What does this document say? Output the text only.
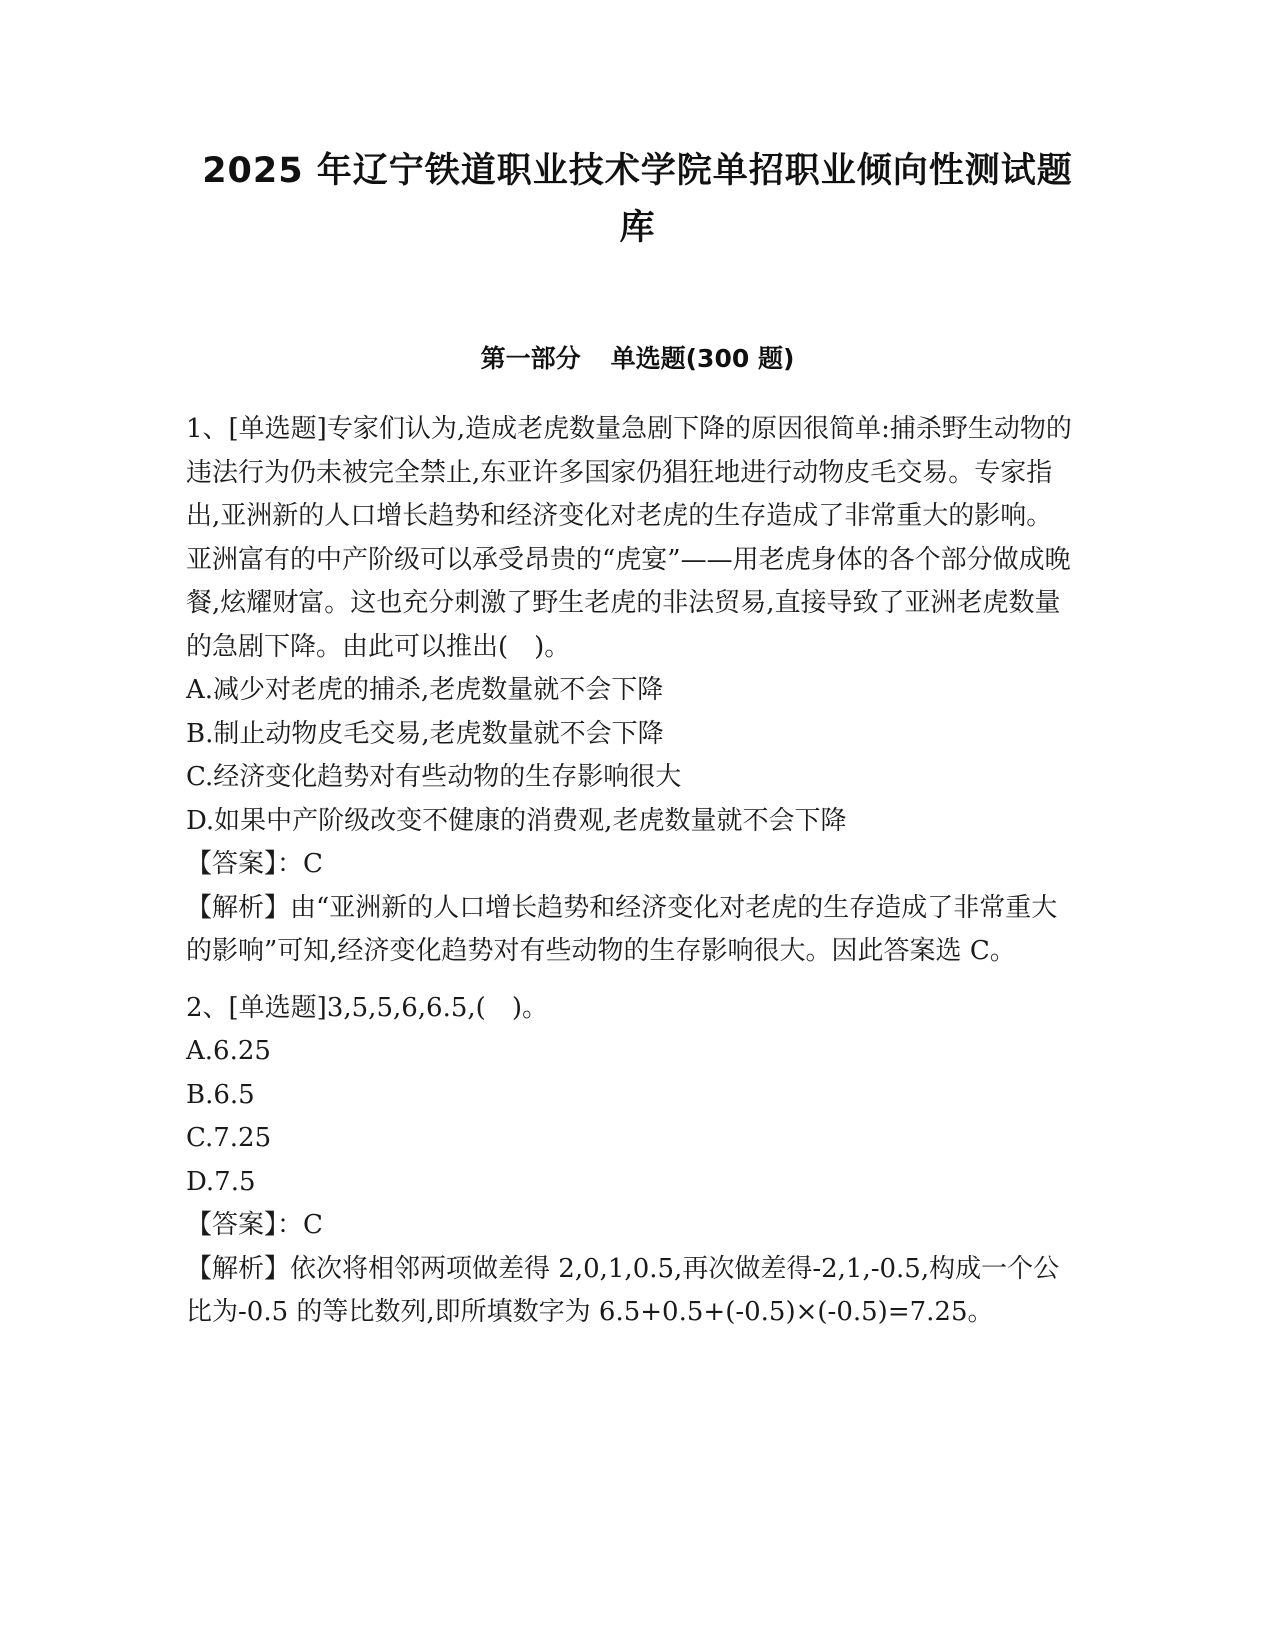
2025 年辽宁铁道职业技术学院单招职业倾向性测试题库
第一部分 单选题(300 题)

1、[单选题]专家们认为,造成老虎数量急剧下降的原因很简单:捕杀野生动物的违法行为仍未被完全禁止,东亚许多国家仍猖狂地进行动物皮毛交易。专家指出,亚洲新的人口增长趋势和经济变化对老虎的生存造成了非常重大的影响。亚洲富有的中产阶级可以承受昂贵的“虎宴”——用老虎身体的各个部分做成晚餐,炫耀财富。这也充分刺激了野生老虎的非法贸易,直接导致了亚洲老虎数量的急剧下降。由此可以推出(　)。

A.减少对老虎的捕杀,老虎数量就不会下降

B.制止动物皮毛交易,老虎数量就不会下降

C.经济变化趋势对有些动物的生存影响很大

D.如果中产阶级改变不健康的消费观,老虎数量就不会下降

【答案】：C

【解析】由“亚洲新的人口增长趋势和经济变化对老虎的生存造成了非常重大的影响”可知,经济变化趋势对有些动物的生存影响很大。因此答案选 C。

2、[单选题]3,5,5,6,6.5,(　)。

A.6.25

B.6.5

C.7.25

D.7.5

【答案】：C

【解析】依次将相邻两项做差得 2,0,1,0.5,再次做差得-2,1,-0.5,构成一个公比为-0.5 的等比数列,即所填数字为 6.5+0.5+(-0.5)×(-0.5)=7.25。
